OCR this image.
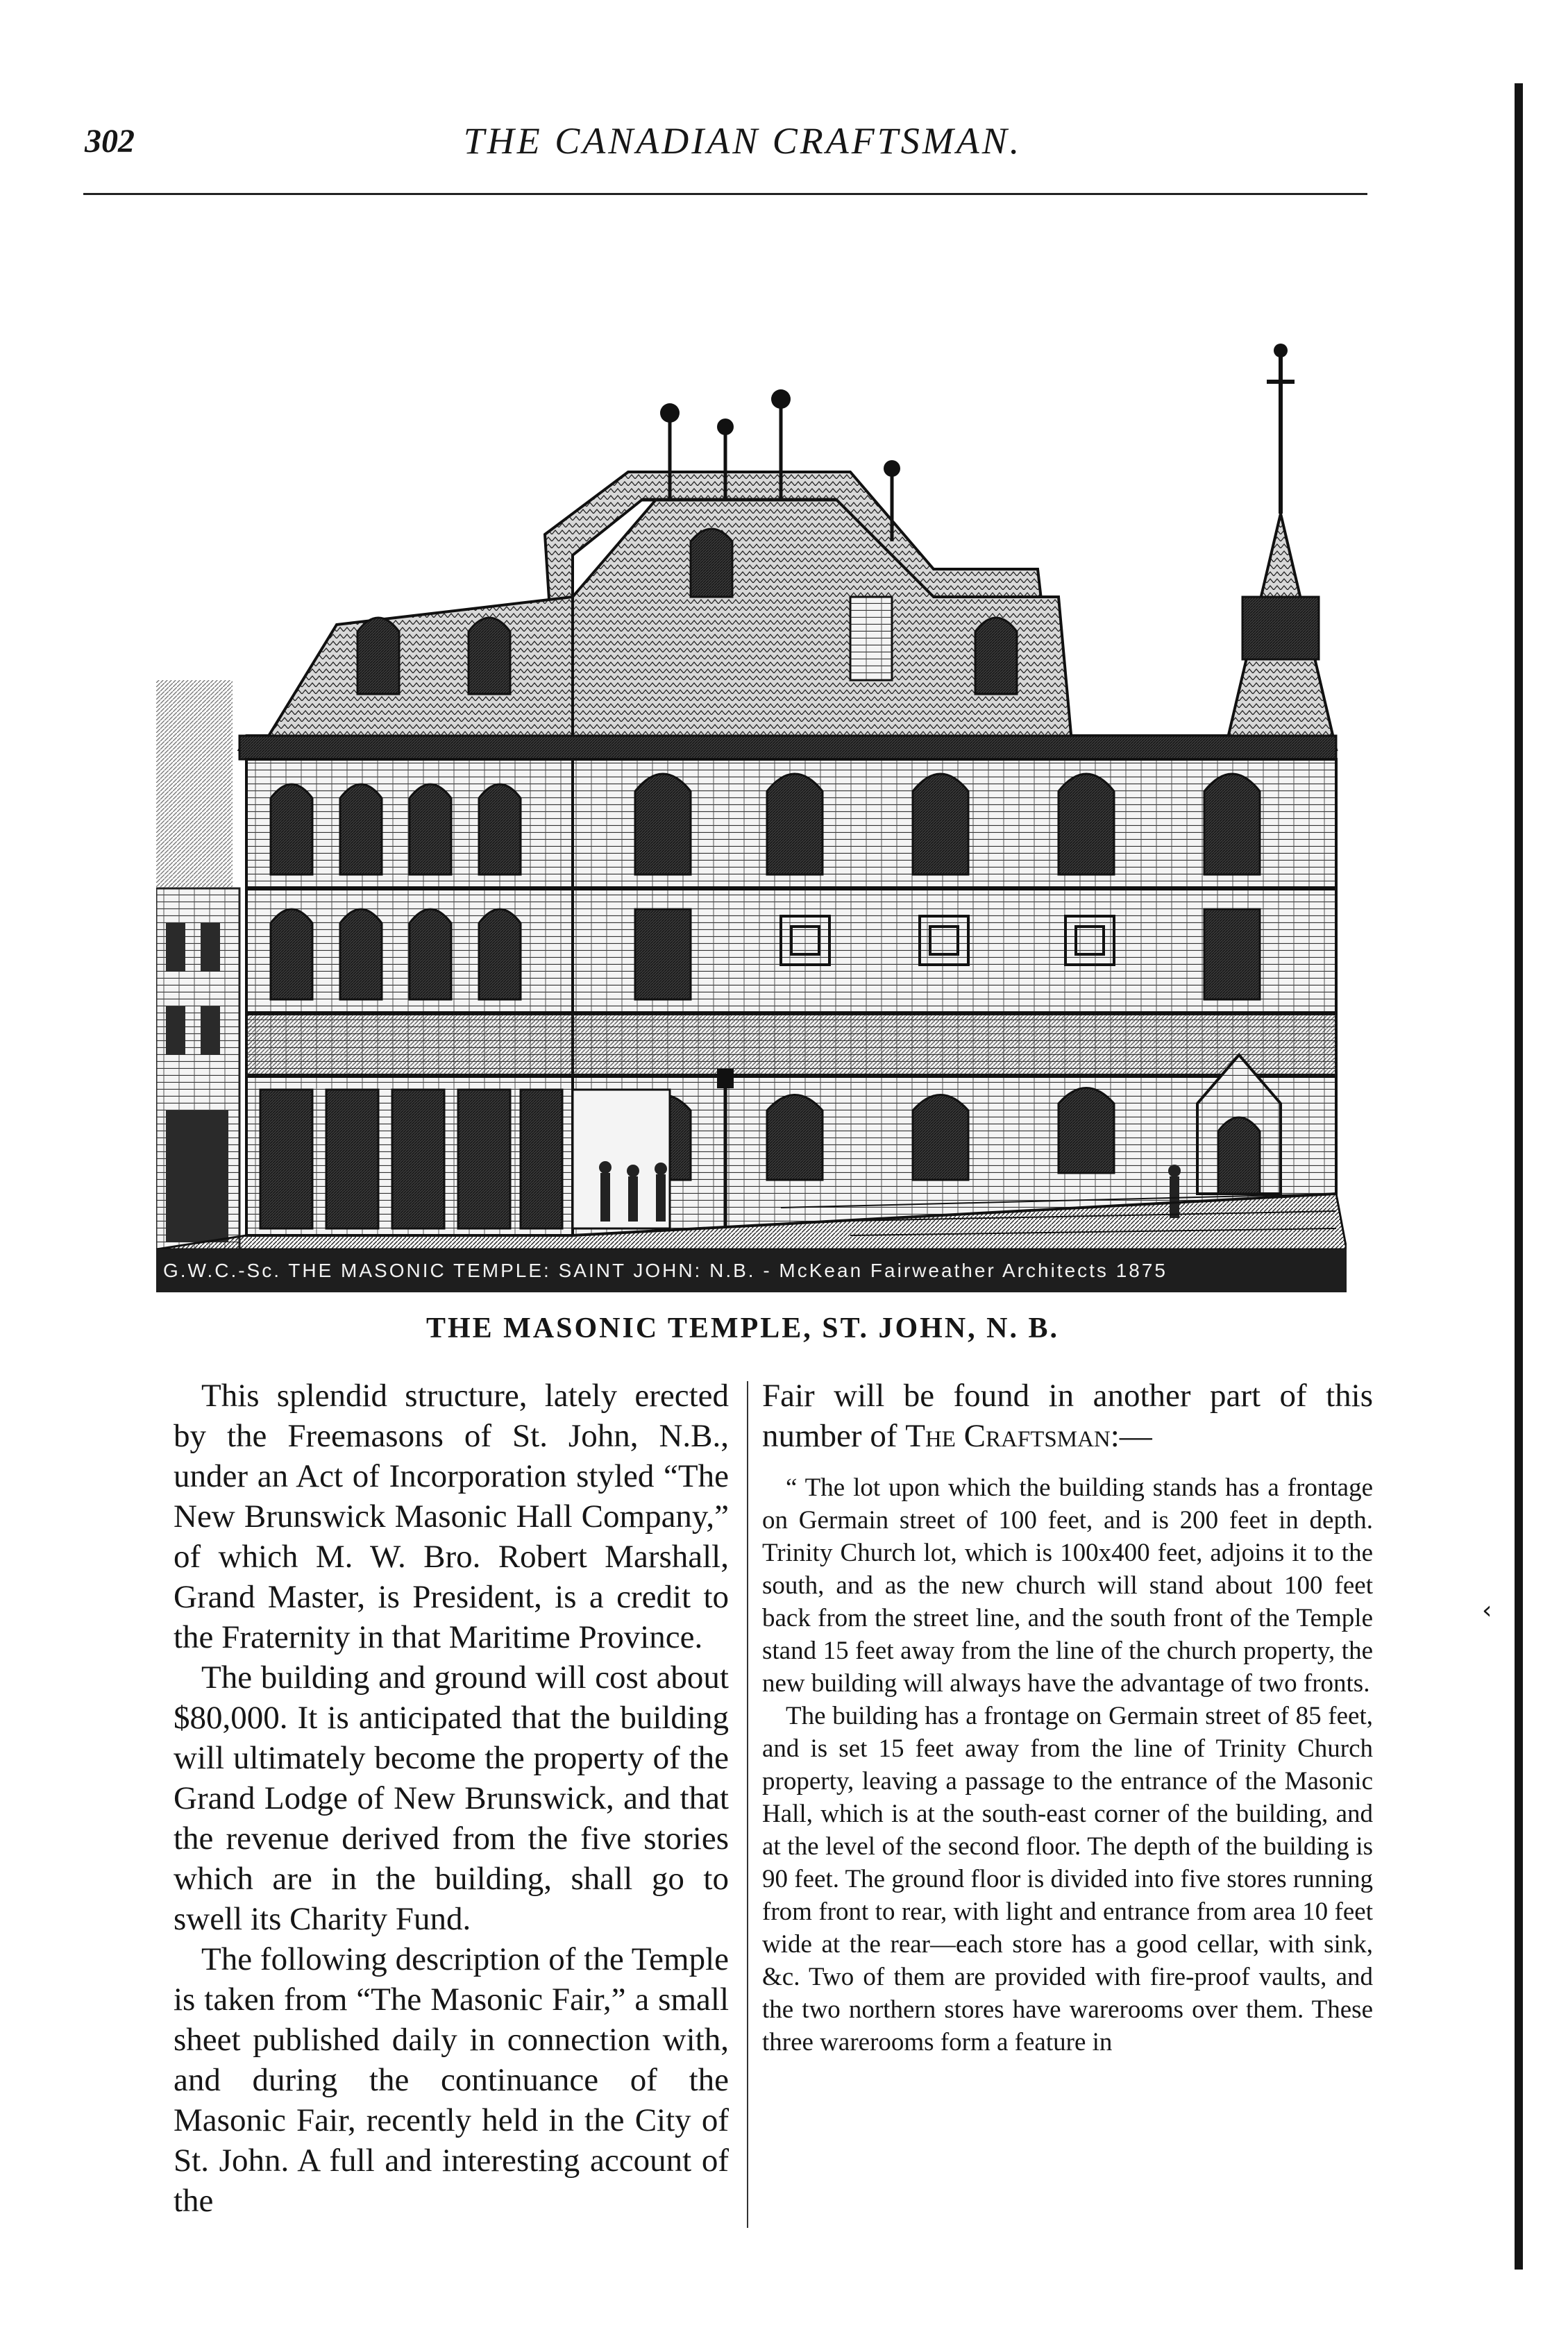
302	THE CANADIAN CRAFTSMAN.
G.W.C.-Sc. THE MASONIC TEMPLE: SAINT JOHN: N.B. - McKean Fairweather Architects 1875
THE MASONIC TEMPLE, ST. JOHN, N. B.

This splendid structure, lately erected by the Freemasons of St. John, N.B., under an Act of Incorporation styled “The New Brunswick Masonic Hall Company,” of which M. W. Bro. Robert Marshall, Grand Master, is President, is a credit to the Fraternity in that Maritime Province.

The building and ground will cost about $80,000. It is anticipated that the building will ultimately become the property of the Grand Lodge of New Brunswick, and that the revenue derived from the five stories which are in the building, shall go to swell its Charity Fund.

The following description of the Temple is taken from “The Masonic Fair,” a small sheet published daily in connection with, and during the continuance of the Masonic Fair, recently held in the City of St. John. A full and interesting account of the

Fair will be found in another part of this number of The Craftsman:—

“ The lot upon which the building stands has a frontage on Germain street of 100 feet, and is 200 feet in depth. Trinity Church lot, which is 100x400 feet, adjoins it to the south, and as the new church will stand about 100 feet back from the street line, and the south front of the Temple stand 15 feet away from the line of the church property, the new building will always have the advantage of two fronts.

The building has a frontage on Germain street of 85 feet, and is set 15 feet away from the line of Trinity Church property, leaving a passage to the entrance of the Masonic Hall, which is at the south-east corner of the building, and at the level of the second floor. The depth of the building is 90 feet. The ground floor is divided into five stores running from front to rear, with light and entrance from area 10 feet wide at the rear—each store has a good cellar, with sink, &c. Two of them are provided with fire-proof vaults, and the two northern stores have warerooms over them. These three warerooms form a feature in

‹
